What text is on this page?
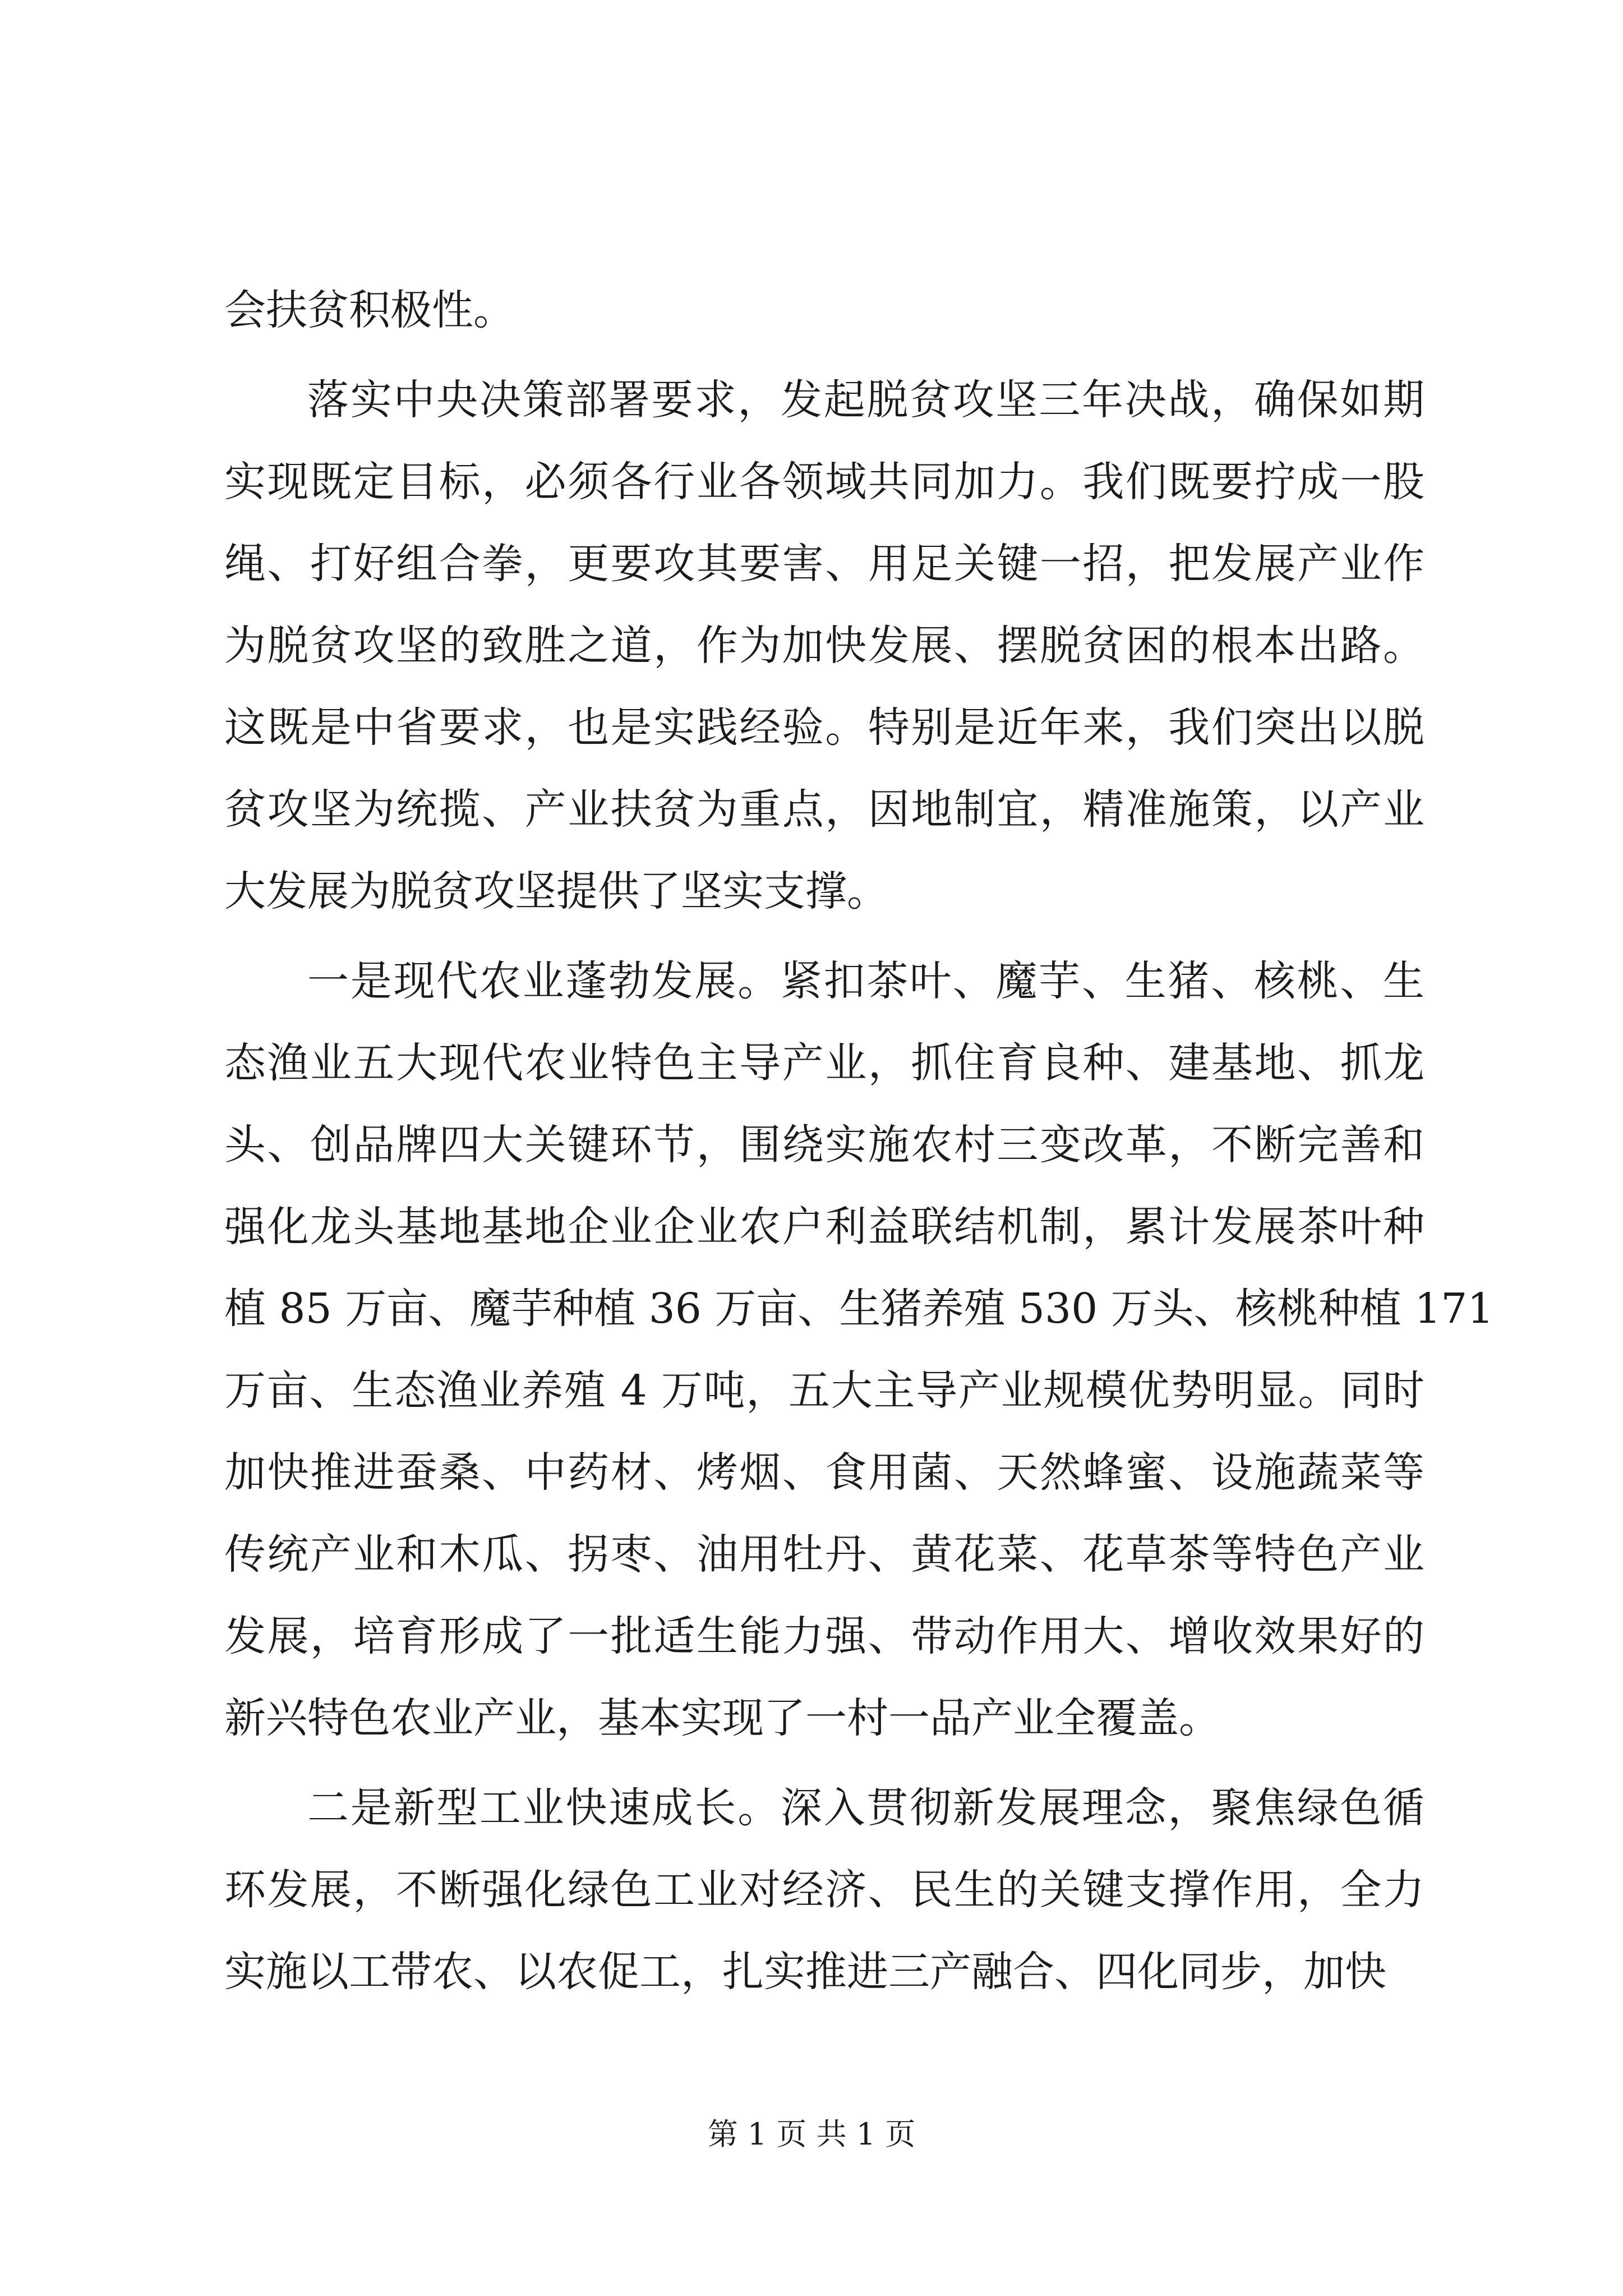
会扶贫积极性。
落实中央决策部署要求，发起脱贫攻坚三年决战，确保如期
实现既定目标，必须各行业各领域共同加力。我们既要拧成一股
绳、打好组合拳，更要攻其要害、用足关键一招，把发展产业作
为脱贫攻坚的致胜之道，作为加快发展、摆脱贫困的根本出路。
这既是中省要求，也是实践经验。特别是近年来，我们突出以脱
贫攻坚为统揽、产业扶贫为重点，因地制宜，精准施策，以产业
大发展为脱贫攻坚提供了坚实支撑。
一是现代农业蓬勃发展。紧扣茶叶、魔芋、生猪、核桃、生
态渔业五大现代农业特色主导产业，抓住育良种、建基地、抓龙
头、创品牌四大关键环节，围绕实施农村三变改革，不断完善和
强化龙头基地基地企业企业农户利益联结机制，累计发展茶叶种
植 85 万亩、魔芋种植 36 万亩、生猪养殖 530 万头、核桃种植 171
万亩、生态渔业养殖 4 万吨，五大主导产业规模优势明显。同时
加快推进蚕桑、中药材、烤烟、食用菌、天然蜂蜜、设施蔬菜等
传统产业和木瓜、拐枣、油用牡丹、黄花菜、花草茶等特色产业
发展，培育形成了一批适生能力强、带动作用大、增收效果好的
新兴特色农业产业，基本实现了一村一品产业全覆盖。
二是新型工业快速成长。深入贯彻新发展理念，聚焦绿色循
环发展，不断强化绿色工业对经济、民生的关键支撑作用，全力
实施以工带农、以农促工，扎实推进三产融合、四化同步，加快
第 1 页 共 1 页
